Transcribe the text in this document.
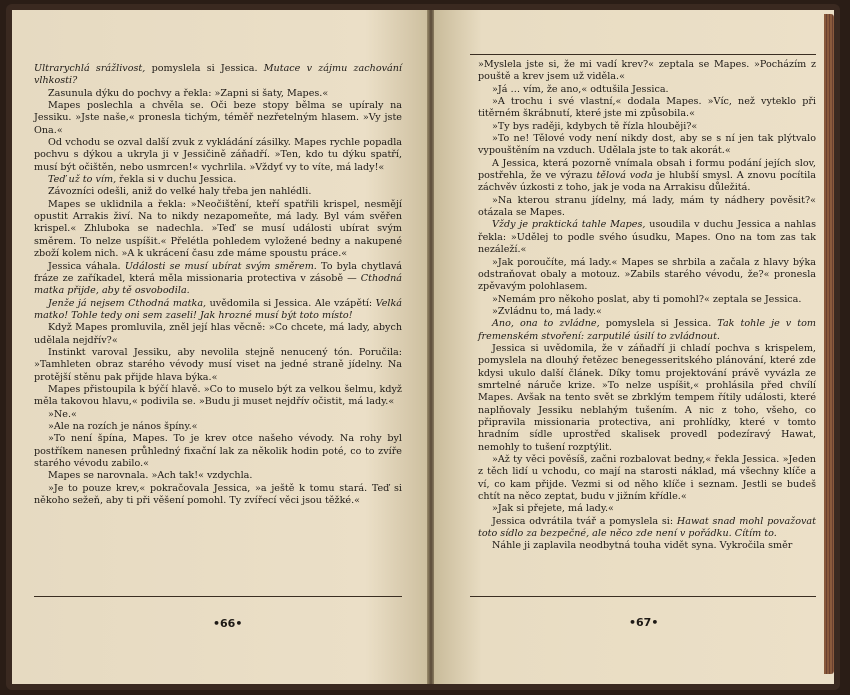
Ultrarychlá srážlivost, pomyslela si Jessica. Mutace v zájmu zachování vlhkosti?

Zasunula dýku do pochvy a řekla: »Zapni si šaty, Mapes.«

Mapes poslechla a chvěla se. Oči beze stopy bělma se upíraly na Jessiku. »Jste naše,« pronesla tichým, téměř nezřetelným hlasem. »Vy jste Ona.«

Od vchodu se ozval další zvuk z vykládání zásilky. Mapes rychle popadla pochvu s dýkou a ukryla ji v Jessičině záňadří. »Ten, kdo tu dýku spatří, musí být očištěn, nebo usmrcen!« vychrlila. »Vždyť vy to víte, má lady!«

Teď už to vím, řekla si v duchu Jessica.

Závozníci odešli, aniž do velké haly třeba jen nahlédli.

Mapes se uklidnila a řekla: »Neočištění, kteří spatřili krispel, nesmějí opustit Arrakis živí. Na to nikdy nezapomeňte, má lady. Byl vám svěřen krispel.« Zhluboka se nadechla. »Teď se musí události ubírat svým směrem. To nelze uspíšit.« Přelétla pohledem vyložené bedny a nakupené zboží kolem nich. »A k ukrácení času zde máme spoustu práce.«

Jessica váhala. Události se musí ubírat svým směrem. To byla chytlavá fráze ze zaříkadel, která měla missionaria protectiva v zásobě — Cthodná matka přijde, aby tě osvobodila.

Jenže já nejsem Cthodná matka, uvědomila si Jessica. Ale vzápětí: Velká matko! Tohle tedy oni sem zaseli! Jak hrozné musí být toto místo!

Když Mapes promluvila, zněl její hlas věcně: »Co chcete, má lady, abych udělala nejdřív?«

Instinkt varoval Jessiku, aby nevolila stejně nenucený tón. Poručila: »Tamhleten obraz starého vévody musí viset na jedné straně jídelny. Na protější stěnu pak přijde hlava býka.«

Mapes přistoupila k býčí hlavě. »Co to muselo být za velkou šelmu, když měla takovou hlavu,« podivila se. »Budu ji muset nejdřív očistit, má lady.«

»Ne.«

»Ale na rozích je nános špíny.«

»To není špína, Mapes. To je krev otce našeho vévody. Na rohy byl postříkem nanesen průhledný fixační lak za několik hodin poté, co to zvíře starého vévodu zabilo.«

Mapes se narovnala. »Ach tak!« vzdychla.

»Je to pouze krev,« pokračovala Jessica, »a ještě k tomu stará. Teď si někoho sežeň, aby ti při věšení pomohl. Ty zvířecí věci jsou těžké.«

•66•

»Myslela jste si, že mi vadí krev?« zeptala se Mapes. »Pocházím z pouště a krev jsem už viděla.«

»Já … vím, že ano,« odtušila Jessica.

»A trochu i své vlastní,« dodala Mapes. »Víc, než vyteklo při titěrném škrábnutí, které jste mi způsobila.«

»Ty bys raději, kdybych tě řízla hlouběji?«

»To ne! Tělové vody není nikdy dost, aby se s ní jen tak plýtvalo vypouštěním na vzduch. Udělala jste to tak akorát.«

A Jessica, která pozorně vnímala obsah i formu podání jejích slov, postřehla, že ve výrazu tělová voda je hlubší smysl. A znovu pocítila záchvěv úzkosti z toho, jak je voda na Arrakisu důležitá.

»Na kterou stranu jídelny, má lady, mám ty nádhery pověsit?« otázala se Mapes.

Vždy je praktická tahle Mapes, usoudila v duchu Jessica a nahlas řekla: »Udělej to podle svého úsudku, Mapes. Ono na tom zas tak nezáleží.«

»Jak poroučíte, má lady.« Mapes se shrbila a začala z hlavy býka odstraňovat obaly a motouz. »Zabils starého vévodu, že?« pronesla zpěvavým polohlasem.

»Nemám pro někoho poslat, aby ti pomohl?« zeptala se Jessica.

»Zvládnu to, má lady.«

Ano, ona to zvládne, pomyslela si Jessica. Tak tohle je v tom fremenském stvoření: zarputilé úsilí to zvládnout.

Jessica si uvědomila, že v záňadří ji chladí pochva s krispelem, pomyslela na dlouhý řetězec benegesseritského plánování, které zde kdysi ukulo další článek. Díky tomu projektování právě vyvázla ze smrtelné náruče krize. »To nelze uspíšit,« prohlásila před chvílí Mapes. Avšak na tento svět se zbrklým tempem řítily události, které naplňovaly Jessiku neblahým tušením. A nic z toho, všeho, co připravila missionaria protectiva, ani prohlídky, které v tomto hradním sídle uprostřed skalisek provedl podezíravý Hawat, nemohly to tušení rozptýlit.

»Až ty věci pověsíš, začni rozbalovat bedny,« řekla Jessica. »Jeden z těch lidí u vchodu, co mají na starosti náklad, má všechny klíče a ví, co kam přijde. Vezmi si od něho klíče i seznam. Jestli se budeš chtít na něco zeptat, budu v jižním křídle.«

»Jak si přejete, má lady.«

Jessica odvrátila tvář a pomyslela si: Hawat snad mohl považovat toto sídlo za bezpečné, ale něco zde není v pořádku. Cítím to.

Náhle ji zaplavila neodbytná touha vidět syna. Vykročila směr

•67•
